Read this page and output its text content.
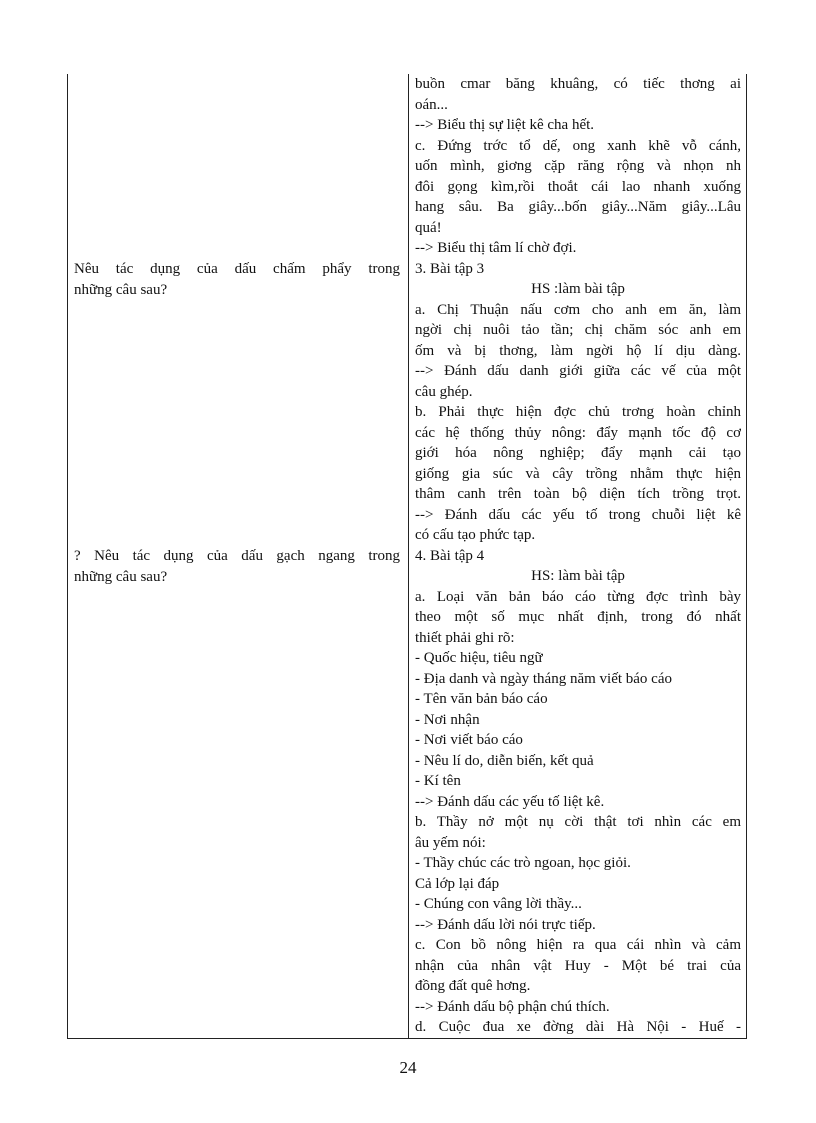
Nêu tác dụng của dấu chấm phẩy trong
những câu sau?
? Nêu tác dụng của dấu gạch ngang trong
những câu sau?
buồn cmar băng khuâng, có tiếc thơng ai
oán...
--> Biểu thị sự liệt kê cha hết.
c. Đứng trớc tổ dế, ong xanh khẽ vỗ cánh,
uốn mình, giơng cặp răng rộng và nhọn nh
đôi gọng kìm,rồi thoắt cái lao nhanh xuống
hang sâu. Ba giây...bốn giây...Năm giây...Lâu
quá!
--> Biểu thị tâm lí chờ đợi.
3. Bài tập 3
HS :làm bài tập
a. Chị Thuận nấu cơm cho anh em ăn, làm
ngời chị nuôi tảo tần; chị chăm sóc anh em
ốm và bị thơng, làm ngời hộ lí dịu dàng.
--> Đánh dấu danh giới giữa các vế của một
câu ghép.
b. Phải thực hiện đợc chủ trơng hoàn chỉnh
các hệ thống thủy nông: đẩy mạnh tốc độ cơ
giới hóa nông nghiệp; đẩy mạnh cải tạo
giống gia súc và cây trồng nhằm thực hiện
thâm canh trên toàn bộ diện tích trồng trọt.
--> Đánh dấu các yếu tố trong chuỗi liệt kê
có cấu tạo phức tạp.
4. Bài tập 4
HS: làm bài tập
a. Loại văn bản báo cáo từng đợc trình bày
theo một số mục nhất định, trong đó nhất
thiết phải ghi rõ:
- Quốc hiệu, tiêu ngữ
- Địa danh và ngày tháng năm viết báo cáo
- Tên văn bản báo cáo
- Nơi nhận
- Nơi viết báo cáo
- Nêu lí do, diễn biến, kết quả
- Kí tên
--> Đánh dấu các yếu tố liệt kê.
b. Thầy nở một nụ cời thật tơi nhìn các em
âu yếm nói:
- Thầy chúc các trò ngoan, học giỏi.
Cả lớp lại đáp
- Chúng con vâng lời thầy...
--> Đánh dấu lời nói trực tiếp.
c. Con bồ nông hiện ra qua cái nhìn và cảm
nhận của nhân vật Huy - Một bé trai của
đồng đất quê hơng.
--> Đánh dấu bộ phận chú thích.
d. Cuộc đua xe đờng dài Hà Nội - Huế -
24
